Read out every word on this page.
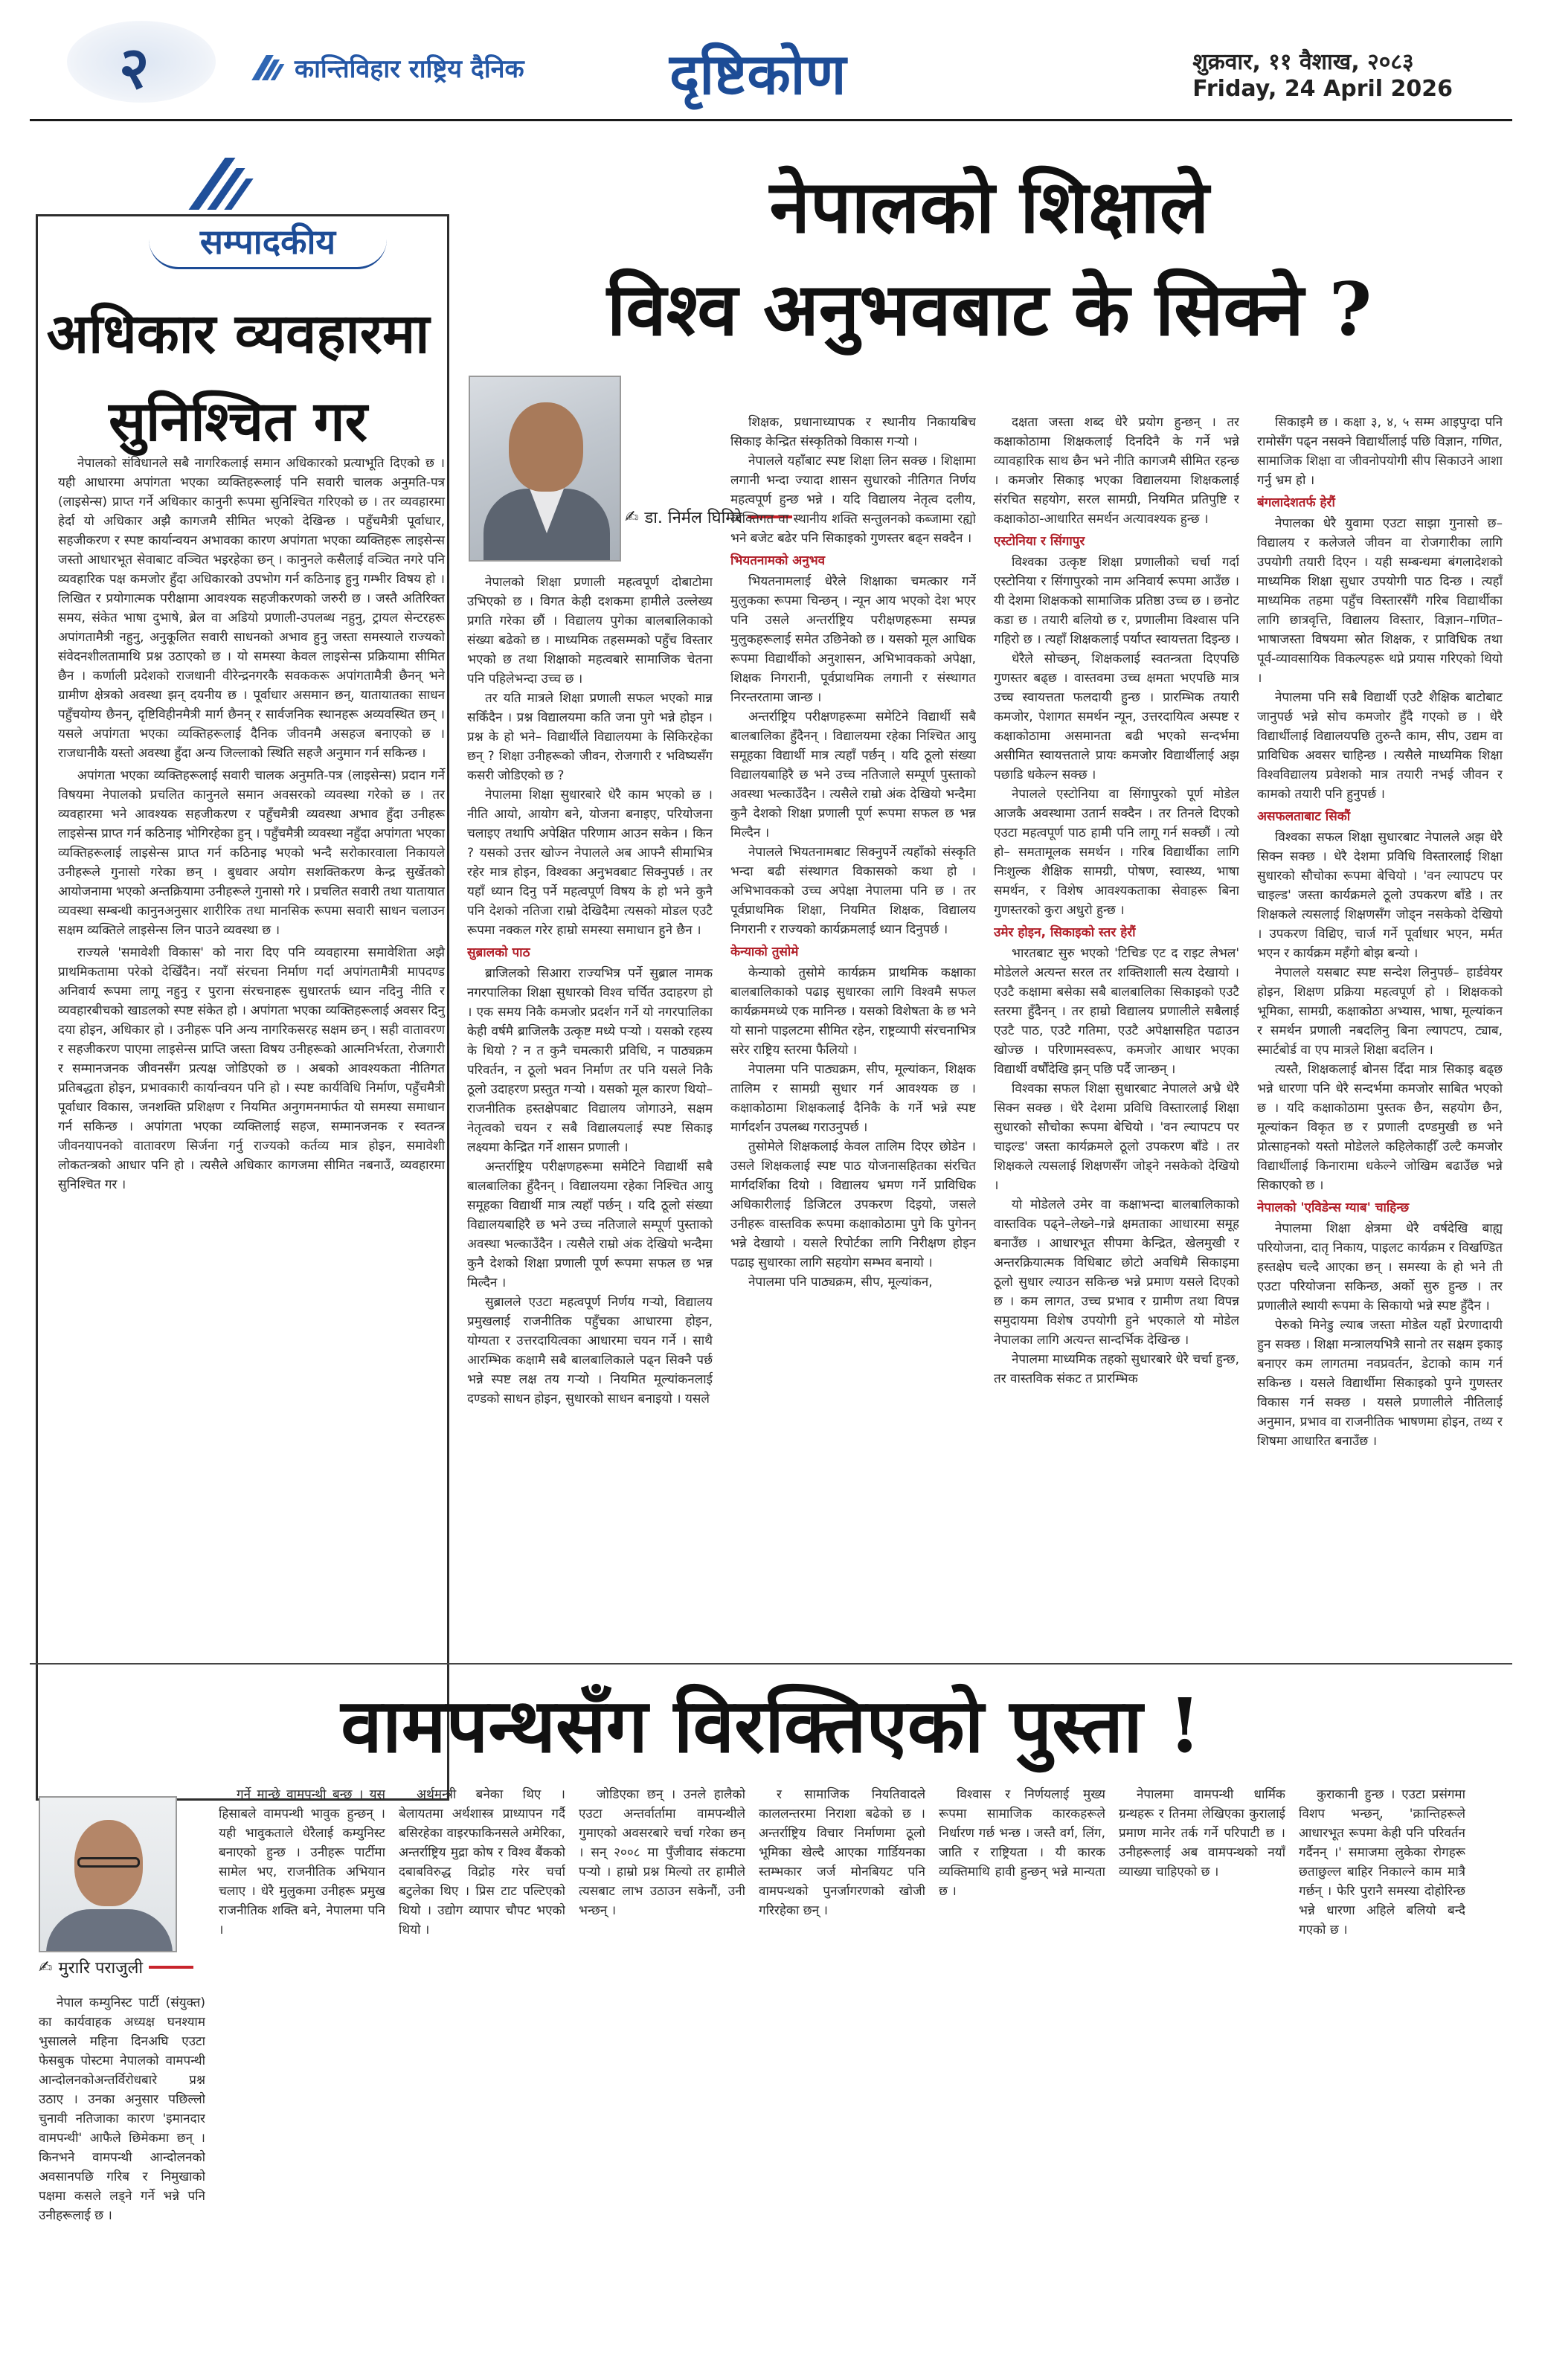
२	कान्तिविहार राष्ट्रिय दैनिक	दृष्टिकोण	शुक्रवार, ११ वैशाख, २०८३
Friday, 24 April 2026
सम्पादकीय
अधिकार व्यवहारमा
सुनिश्चित गर

नेपालको संविधानले सबै नागरिकलाई समान अधिकारको प्रत्याभूति दिएको छ । यही आधारमा अपांगता भएका व्यक्तिहरूलाई पनि सवारी चालक अनुमति-पत्र (लाइसेन्स) प्राप्त गर्ने अधिकार कानुनी रूपमा सुनिश्चित गरिएको छ । तर व्यवहारमा हेर्दा यो अधिकार अझै कागजमै सीमित भएको देखिन्छ । पहुँचमैत्री पूर्वाधार, सहजीकरण र स्पष्ट कार्यान्वयन अभावका कारण अपांगता भएका व्यक्तिहरू लाइसेन्स जस्तो आधारभूत सेवाबाट वञ्चित भइरहेका छन् । कानुनले कसैलाई वञ्चित नगरे पनि व्यवहारिक पक्ष कमजोर हुँदा अधिकारको उपभोग गर्न कठिनाइ हुनु गम्भीर विषय हो । लिखित र प्रयोगात्मक परीक्षामा आवश्यक सहजीकरणको जरुरी छ । जस्तै अतिरिक्त समय, संकेत भाषा दुभाषे, ब्रेल वा अडियो प्रणाली-उपलब्ध नहुनु, ट्रायल सेन्टरहरू अपांगतामैत्री नहुनु, अनुकूलित सवारी साधनको अभाव हुनु जस्ता समस्याले राज्यको संवेदनशीलतामाथि प्रश्न उठाएको छ । यो समस्या केवल लाइसेन्स प्रक्रियामा सीमित छैन । कर्णाली प्रदेशको राजधानी वीरेन्द्रनगरकै सवककरू अपांगतामैत्री छैनन् भने ग्रामीण क्षेत्रको अवस्था झन् दयनीय छ । पूर्वाधार असमान छन्, यातायातका साधन पहुँचयोग्य छैनन्, दृष्टिविहीनमैत्री मार्ग छैनन् र सार्वजनिक स्थानहरू अव्यवस्थित छन् । यसले अपांगता भएका व्यक्तिहरूलाई दैनिक जीवनमै असहज बनाएको छ । राजधानीकै यस्तो अवस्था हुँदा अन्य जिल्लाको स्थिति सहजै अनुमान गर्न सकिन्छ ।

अपांगता भएका व्यक्तिहरूलाई सवारी चालक अनुमति-पत्र (लाइसेन्स) प्रदान गर्ने विषयमा नेपालको प्रचलित कानुनले समान अवसरको व्यवस्था गरेको छ । तर व्यवहारमा भने आवश्यक सहजीकरण र पहुँचमैत्री व्यवस्था अभाव हुँदा उनीहरू लाइसेन्स प्राप्त गर्न कठिनाइ भोगिरहेका हुन् । पहुँचमैत्री व्यवस्था नहुँदा अपांगता भएका व्यक्तिहरूलाई लाइसेन्स प्राप्त गर्न कठिनाइ भएको भन्दै सरोकारवाला निकायले उनीहरूले गुनासो गरेका छन् । बुधवार अयोग सशक्तिकरण केन्द्र सुर्खेतको आयोजनामा भएको अन्तक्रियामा उनीहरूले गुनासो गरे । प्रचलित सवारी तथा यातायात व्यवस्था सम्बन्धी कानुनअनुसार शारीरिक तथा मानसिक रूपमा सवारी साधन चलाउन सक्षम व्यक्तिले लाइसेन्स लिन पाउने व्यवस्था छ ।

राज्यले 'समावेशी विकास' को नारा दिए पनि व्यवहारमा समावेशिता अझै प्राथमिकतामा परेको देखिँदैन। नयाँ संरचना निर्माण गर्दा अपांगतामैत्री मापदण्ड अनिवार्य रूपमा लागू नहुनु र पुराना संरचनाहरू सुधारतर्फ ध्यान नदिनु नीति र व्यवहारबीचको खाडलको स्पष्ट संकेत हो । अपांगता भएका व्यक्तिहरूलाई अवसर दिनु दया होइन, अधिकार हो । उनीहरू पनि अन्य नागरिकसरह सक्षम छन् । सही वातावरण र सहजीकरण पाएमा लाइसेन्स प्राप्ति जस्ता विषय उनीहरूको आत्मनिर्भरता, रोजगारी र सम्मानजनक जीवनसँग प्रत्यक्ष जोडिएको छ । अबको आवश्यकता नीतिगत प्रतिबद्धता होइन, प्रभावकारी कार्यान्वयन पनि हो । स्पष्ट कार्यविधि निर्माण, पहुँचमैत्री पूर्वाधार विकास, जनशक्ति प्रशिक्षण र नियमित अनुगमनमार्फत यो समस्या समाधान गर्न सकिन्छ । अपांगता भएका व्यक्तिलाई सहज, सम्मानजनक र स्वतन्त्र जीवनयापनको वातावरण सिर्जना गर्नु राज्यको कर्तव्य मात्र होइन, समावेशी लोकतन्त्रको आधार पनि हो । त्यसैले अधिकार कागजमा सीमित नबनाउँ, व्यवहारमा सुनिश्चित गर ।

नेपालको शिक्षाले
विश्व अनुभवबाट के सिक्ने ?
✍ डा. निर्मल घिमिरे

नेपालको शिक्षा प्रणाली महत्वपूर्ण दोबाटोमा उभिएको छ । विगत केही दशकमा हामीले उल्लेख्य प्रगति गरेका छौं । विद्यालय पुगेका बालबालिकाको संख्या बढेको छ । माध्यमिक तहसम्मको पहुँच विस्तार भएको छ तथा शिक्षाको महत्वबारे सामाजिक चेतना पनि पहिलेभन्दा उच्च छ ।

तर यति मात्रले शिक्षा प्रणाली सफल भएको मान्न सकिँदैन । प्रश्न विद्यालयमा कति जना पुगे भन्ने होइन । प्रश्न के हो भने– विद्यार्थीले विद्यालयमा के सिकिरहेका छन् ? शिक्षा उनीहरूको जीवन, रोजगारी र भविष्यसँग कसरी जोडिएको छ ?

नेपालमा शिक्षा सुधारबारे धेरै काम भएको छ । नीति आयो, आयोग बने, योजना बनाइए, परियोजना चलाइए तथापि अपेक्षित परिणाम आउन सकेन । किन ? यसको उत्तर खोज्न नेपालले अब आफ्नै सीमाभित्र रहेर मात्र होइन, विश्वका अनुभवबाट सिक्नुपर्छ । तर यहाँ ध्यान दिनु पर्ने महत्वपूर्ण विषय के हो भने कुनै पनि देशको नतिजा राम्रो देखिदैमा त्यसको मोडल एउटै रूपमा नक्कल गरेर हाम्रो समस्या समाधान हुने छैन ।

सुब्रालको पाठ

ब्राजिलको सिआरा राज्यभित्र पर्ने सुब्राल नामक नगरपालिका शिक्षा सुधारको विश्व चर्चित उदाहरण हो । एक समय निकै कमजोर प्रदर्शन गर्ने यो नगरपालिका केही वर्षमै ब्राजिलकै उत्कृष्ट मध्ये पर्‍यो । यसको रहस्य के थियो ? न त कुनै चमत्कारी प्रविधि, न पाठ्यक्रम परिवर्तन, न ठूलो भवन निर्माण तर पनि यसले निकै ठूलो उदाहरण प्रस्तुत गर्‍यो । यसको मूल कारण थियो– राजनीतिक हस्तक्षेपबाट विद्यालय जोगाउने, सक्षम नेतृत्वको चयन र सबै विद्यालयलाई स्पष्ट सिकाइ लक्ष्यमा केन्द्रित गर्ने शासन प्रणाली ।

अन्तर्राष्ट्रिय परीक्षणहरूमा समेटिने विद्यार्थी सबै बालबालिका हुँदैनन् । विद्यालयमा रहेका निश्चित आयु समूहका विद्यार्थी मात्र त्यहाँ पर्छन् । यदि ठूलो संख्या विद्यालयबाहिरै छ भने उच्च नतिजाले सम्पूर्ण पुस्ताको अवस्था भल्काउँदैन । त्यसैले राम्रो अंक देखियो भन्दैमा कुनै देशको शिक्षा प्रणाली पूर्ण रूपमा सफल छ भन्न मिल्दैन ।

सुब्रालले एउटा महत्वपूर्ण निर्णय गर्‍यो, विद्यालय प्रमुखलाई राजनीतिक पहुँचका आधारमा होइन, योग्यता र उत्तरदायित्वका आधारमा चयन गर्ने । साथै आरम्भिक कक्षामै सबै बालबालिकाले पढ्न सिक्नै पर्छ भन्ने स्पष्ट लक्ष तय गर्‍यो । नियमित मूल्यांकनलाई दण्डको साधन होइन, सुधारको साधन बनाइयो । यसले

शिक्षक, प्रधानाध्यापक र स्थानीय निकायबिच सिकाइ केन्द्रित संस्कृतिको विकास गर्‍यो ।

नेपालले यहाँबाट स्पष्ट शिक्षा लिन सक्छ । शिक्षामा लगानी भन्दा ज्यादा शासन सुधारको नीतिगत निर्णय महत्वपूर्ण हुन्छ भन्ने । यदि विद्यालय नेतृत्व दलीय, व्यक्तिगत वा स्थानीय शक्ति सन्तुलनको कब्जामा रह्यो भने बजेट बढेर पनि सिकाइको गुणस्तर बढ्न सक्दैन ।

भियतनामको अनुभव

भियतनामलाई धेरैले शिक्षाका चमत्कार गर्ने मुलुकका रूपमा चिन्छन् । न्यून आय भएको देश भएर पनि उसले अन्तर्राष्ट्रिय परीक्षणहरूमा सम्पन्न मुलुकहरूलाई समेत उछिनेको छ । यसको मूल आधिक रूपमा विद्यार्थीको अनुशासन, अभिभावकको अपेक्षा, शिक्षक निगरानी, पूर्वप्राथमिक लगानी र संस्थागत निरन्तरतामा जान्छ ।

अन्तर्राष्ट्रिय परीक्षणहरूमा समेटिने विद्यार्थी सबै बालबालिका हुँदैनन् । विद्यालयमा रहेका निश्चित आयु समूहका विद्यार्थी मात्र त्यहाँ पर्छन् । यदि ठूलो संख्या विद्यालयबाहिरै छ भने उच्च नतिजाले सम्पूर्ण पुस्ताको अवस्था भल्काउँदैन । त्यसैले राम्रो अंक देखियो भन्दैमा कुनै देशको शिक्षा प्रणाली पूर्ण रूपमा सफल छ भन्न मिल्दैन ।

नेपालले भियतनामबाट सिक्नुपर्ने त्यहाँको संस्कृति भन्दा बढी संस्थागत विकासको कथा हो । अभिभावकको उच्च अपेक्षा नेपालमा पनि छ । तर पूर्वप्राथमिक शिक्षा, नियमित शिक्षक, विद्यालय निगरानी र राज्यको कार्यक्रमलाई ध्यान दिनुपर्छ ।

केन्याको तुसोमे

केन्याको तुसोमे कार्यक्रम प्राथमिक कक्षाका बालबालिकाको पढाइ सुधारका लागि विश्वमै सफल कार्यक्रममध्ये एक मानिन्छ । यसको विशेषता के छ भने यो सानो पाइलटमा सीमित रहेन, राष्ट्रव्यापी संरचनाभित्र सरेर राष्ट्रिय स्तरमा फैलियो ।

नेपालमा पनि पाठ्यक्रम, सीप, मूल्यांकन, शिक्षक तालिम र सामग्री सुधार गर्न आवश्यक छ । कक्षाकोठामा शिक्षकलाई दैनिकै के गर्ने भन्ने स्पष्ट मार्गदर्शन उपलब्ध गराउनुपर्छ ।

तुसोमेले शिक्षकलाई केवल तालिम दिएर छोडेन । उसले शिक्षकलाई स्पष्ट पाठ योजनासहितका संरचित मार्गदर्शिका दियो । विद्यालय भ्रमण गर्ने प्राविधिक अधिकारीलाई डिजिटल उपकरण दिइयो, जसले उनीहरू वास्तविक रूपमा कक्षाकोठामा पुगे कि पुगेनन् भन्ने देखायो । यसले रिपोर्टका लागि निरीक्षण होइन पढाइ सुधारका लागि सहयोग सम्भव बनायो ।

नेपालमा पनि पाठ्यक्रम, सीप, मूल्यांकन,

दक्षता जस्ता शब्द धेरै प्रयोग हुन्छन् । तर कक्षाकोठामा शिक्षकलाई दिनदिनै के गर्ने भन्ने व्यावहारिक साथ छैन भने नीति कागजमै सीमित रहन्छ । कमजोर सिकाइ भएका विद्यालयमा शिक्षकलाई संरचित सहयोग, सरल सामग्री, नियमित प्रतिपुष्टि र कक्षाकोठा-आधारित समर्थन अत्यावश्यक हुन्छ ।

एस्टोनिया र सिंगापुर

विश्वका उत्कृष्ट शिक्षा प्रणालीको चर्चा गर्दा एस्टोनिया र सिंगापुरको नाम अनिवार्य रूपमा आउँछ । यी देशमा शिक्षकको सामाजिक प्रतिष्ठा उच्च छ । छनोट कडा छ । तयारी बलियो छ र, प्रणालीमा विश्वास पनि गहिरो छ । त्यहाँ शिक्षकलाई पर्याप्त स्वायत्तता दिइन्छ ।

धेरैले सोच्छन्, शिक्षकलाई स्वतन्त्रता दिएपछि गुणस्तर बढ्छ । वास्तवमा उच्च क्षमता भएपछि मात्र उच्च स्वायत्तता फलदायी हुन्छ । प्रारम्भिक तयारी कमजोर, पेशागत समर्थन न्यून, उत्तरदायित्व अस्पष्ट र कक्षाकोठामा असमानता बढी भएको सन्दर्भमा असीमित स्वायत्तताले प्रायः कमजोर विद्यार्थीलाई अझ पछाडि धकेल्न सक्छ ।

नेपालले एस्टोनिया वा सिंगापुरको पूर्ण मोडेल आजकै अवस्थामा उतार्न सक्दैन । तर तिनले दिएको एउटा महत्वपूर्ण पाठ हामी पनि लागू गर्न सक्छौं । त्यो हो– समतामूलक समर्थन । गरिब विद्यार्थीका लागि निःशुल्क शैक्षिक सामग्री, पोषण, स्वास्थ्य, भाषा समर्थन, र विशेष आवश्यकताका सेवाहरू बिना गुणस्तरको कुरा अधुरो हुन्छ ।

उमेर होइन, सिकाइको स्तर हेरौं

भारतबाट सुरु भएको 'टिचिङ एट द राइट लेभल' मोडेलले अत्यन्त सरल तर शक्तिशाली सत्य देखायो । एउटै कक्षामा बसेका सबै बालबालिका सिकाइको एउटै स्तरमा हुँदैनन् । तर हाम्रो विद्यालय प्रणालीले सबैलाई एउटै पाठ, एउटै गतिमा, एउटै अपेक्षासहित पढाउन खोज्छ । परिणामस्वरूप, कमजोर आधार भएका विद्यार्थी वर्षौंदेखि झन् पछि पर्दै जान्छन् ।

विश्वका सफल शिक्षा सुधारबाट नेपालले अभ्रै धेरै सिक्न सक्छ । धेरै देशमा प्रविधि विस्तारलाई शिक्षा सुधारको सौचोका रूपमा बेचियो । 'वन ल्यापटप पर चाइल्ड' जस्ता कार्यक्रमले ठूलो उपकरण बाँडे । तर शिक्षकले त्यसलाई शिक्षणसँग जोड्ने नसकेको देखियो ।

यो मोडेलले उमेर वा कक्षाभन्दा बालबालिकाको वास्तविक पढ्ने–लेख्ने–गन्ने क्षमताका आधारमा समूह बनाउँछ । आधारभूत सीपमा केन्द्रित, खेलमुखी र अन्तरक्रियात्मक विधिबाट छोटो अवधिमै सिकाइमा ठूलो सुधार ल्याउन सकिन्छ भन्ने प्रमाण यसले दिएको छ । कम लागत, उच्च प्रभाव र ग्रामीण तथा विपन्न समुदायमा विशेष उपयोगी हुने भएकाले यो मोडेल नेपालका लागि अत्यन्त सान्दर्भिक देखिन्छ ।

नेपालमा माध्यमिक तहको सुधारबारे धेरै चर्चा हुन्छ, तर वास्तविक संकट त प्रारम्भिक

सिकाइमै छ । कक्षा ३, ४, ५ सम्म आइपुग्दा पनि रामोसँग पढ्न नसक्ने विद्यार्थीलाई पछि विज्ञान, गणित, सामाजिक शिक्षा वा जीवनोपयोगी सीप सिकाउने आशा गर्नु भ्रम हो ।

बंगलादेशतर्फ हेरौं

नेपालका धेरै युवामा एउटा साझा गुनासो छ– विद्यालय र कलेजले जीवन वा रोजगारीका लागि उपयोगी तयारी दिएन । यही सम्बन्धमा बंगलादेशको माध्यमिक शिक्षा सुधार उपयोगी पाठ दिन्छ । त्यहाँ माध्यमिक तहमा पहुँच विस्तारसँगै गरिब विद्यार्थीका लागि छात्रवृत्ति, विद्यालय विस्तार, विज्ञान–गणित–भाषाजस्ता विषयमा स्रोत शिक्षक, र प्राविधिक तथा पूर्व-व्यावसायिक विकल्पहरू थप्ने प्रयास गरिएको थियो ।

नेपालमा पनि सबै विद्यार्थी एउटै शैक्षिक बाटोबाट जानुपर्छ भन्ने सोच कमजोर हुँदै गएको छ । धेरै विद्यार्थीलाई विद्यालयपछि तुरुन्तै काम, सीप, उद्यम वा प्राविधिक अवसर चाहिन्छ । त्यसैले माध्यमिक शिक्षा विश्वविद्यालय प्रवेशको मात्र तयारी नभई जीवन र कामको तयारी पनि हुनुपर्छ ।

असफलताबाट सिकौं

विश्वका सफल शिक्षा सुधारबाट नेपालले अझ धेरै सिक्न सक्छ । धेरै देशमा प्रविधि विस्तारलाई शिक्षा सुधारको सौचोका रूपमा बेचियो । 'वन ल्यापटप पर चाइल्ड' जस्ता कार्यक्रमले ठूलो उपकरण बाँडे । तर शिक्षकले त्यसलाई शिक्षणसँग जोड्न नसकेको देखियो । उपकरण विद्यिए, चार्ज गर्ने पूर्वाधार भएन, मर्मत भएन र कार्यक्रम महँगो बोझ बन्यो ।

नेपालले यसबाट स्पष्ट सन्देश लिनुपर्छ– हार्डवेयर होइन, शिक्षण प्रक्रिया महत्वपूर्ण हो । शिक्षकको भूमिका, सामग्री, कक्षाकोठा अभ्यास, भाषा, मूल्यांकन र समर्थन प्रणाली नबदलिनु बिना ल्यापटप, ट्याब, स्मार्टबोर्ड वा एप मात्रले शिक्षा बदलिन ।

त्यस्तै, शिक्षकलाई बोनस दिँदा मात्र सिकाइ बढ्छ भन्ने धारणा पनि धेरै सन्दर्भमा कमजोर साबित भएको छ । यदि कक्षाकोठामा पुस्तक छैन, सहयोग छैन, मूल्यांकन विकृत छ र प्रणाली दण्डमुखी छ भने प्रोत्साहनको यस्तो मोडेलले कहिलेकाहीँ उल्टै कमजोर विद्यार्थीलाई किनारामा धकेल्ने जोखिम बढाउँछ भन्ने सिकाएको छ ।

नेपालको 'एविडेन्स ग्याब' चाहिन्छ

नेपालमा शिक्षा क्षेत्रमा धेरै वर्षदेखि बाह्य परियोजना, दातृ निकाय, पाइलट कार्यक्रम र विखण्डित हस्तक्षेप चल्दै आएका छन् । समस्या के हो भने ती एउटा परियोजना सकिन्छ, अर्को सुरु हुन्छ । तर प्रणालीले स्थायी रूपमा के सिकायो भन्ने स्पष्ट हुँदैन ।

पेरुको मिनेडु ल्याब जस्ता मोडेल यहाँ प्रेरणादायी हुन सक्छ । शिक्षा मन्त्रालयभित्रै सानो तर सक्षम इकाइ बनाएर कम लागतमा नवप्रवर्तन, डेटाको काम गर्न सकिन्छ । यसले विद्यार्थीमा सिकाइको पुग्ने गुणस्तर विकास गर्न सक्छ । यसले प्रणालीले नीतिलाई अनुमान, प्रभाव वा राजनीतिक भाषणमा होइन, तथ्य र शिषमा आधारित बनाउँछ ।

वामपन्थसँग विरक्तिएको पुस्ता !
✍ मुरारि पराजुली

नेपाल कम्युनिस्ट पार्टी (संयुक्त) का कार्यवाहक अध्यक्ष घनश्याम भुसालले महिना दिनअघि एउटा फेसबुक पोस्टमा नेपालको वामपन्थी आन्दोलनकोअन्तर्विरोधबारे प्रश्न उठाए । उनका अनुसार पछिल्लो चुनावी नतिजाका कारण 'इमानदार वामपन्थी' आफैले छिमेकमा छन् । किनभने वामपन्थी आन्दोलनको अवसानपछि गरिब र निमुखाको पक्षमा कसले लड्ने गर्ने भन्ने पनि उनीहरूलाई छ ।

गर्ने मान्छे वामपन्थी बन्छ । यस हिसाबले वामपन्थी भावुक हुन्छन् । यही भावुकताले धेरैलाई कम्युनिस्ट बनाएको हुन्छ । उनीहरू पार्टीमा सामेल भए, राजनीतिक अभियान चलाए । धेरै मुलुकमा उनीहरू प्रमुख राजनीतिक शक्ति बने, नेपालमा पनि ।

अर्थमन्त्री बनेका थिए । बेलायतमा अर्थशास्त्र प्राध्यापन गर्दै बसिरहेका वाइरफाकिनसले अमेरिका, अन्तर्राष्ट्रिय मुद्रा कोष र विश्व बैंकको दबाबविरुद्ध विद्रोह गरेर चर्चा बटुलेका थिए । प्रिस टाट पल्टिएको थियो । उद्योग व्यापार चौपट भएको थियो ।

जोडिएका छन् । उनले हालैको एउटा अन्तर्वार्तामा वामपन्थीले गुमाएको अवसरबारे चर्चा गरेका छन् । सन् २००८ मा पुँजीवाद संकटमा पर्‍यो । हाम्रो प्रश्न मिल्यो तर हामीले त्यसबाट लाभ उठाउन सकेनौं, उनी भन्छन् ।

र सामाजिक नियतिवादले काललन्तरमा निराशा बढेको छ । अन्तर्राष्ट्रिय विचार निर्माणमा ठूलो भूमिका खेल्दै आएका गार्डियनका स्तम्भकार जर्ज मोनबियट पनि वामपन्थको पुनर्जागरणको खोजी गरिरहेका छन् ।

विश्वास र निर्णयलाई मुख्य रूपमा सामाजिक कारकहरूले निर्धारण गर्छ भन्छ । जस्तै वर्ग, लिंग, जाति र राष्ट्रियता । यी कारक व्यक्तिमाथि हावी हुन्छन् भन्ने मान्यता छ ।

नेपालमा वामपन्थी धार्मिक ग्रन्थहरू र तिनमा लेखिएका कुरालाई प्रमाण मानेर तर्क गर्ने परिपाटी छ । उनीहरूलाई अब वामपन्थको नयाँ व्याख्या चाहिएको छ ।

कुराकानी हुन्छ । एउटा प्रसंगमा विशप भन्छन्, 'क्रान्तिहरूले आधारभूत रूपमा केही पनि परिवर्तन गर्दैनन् ।' समाजमा लुकेका रोगहरू छताछुल्ल बाहिर निकाल्ने काम मात्रै गर्छन् । फेरि पुरानै समस्या दोहोरिन्छ भन्ने धारणा अहिले बलियो बन्दै गएको छ ।
